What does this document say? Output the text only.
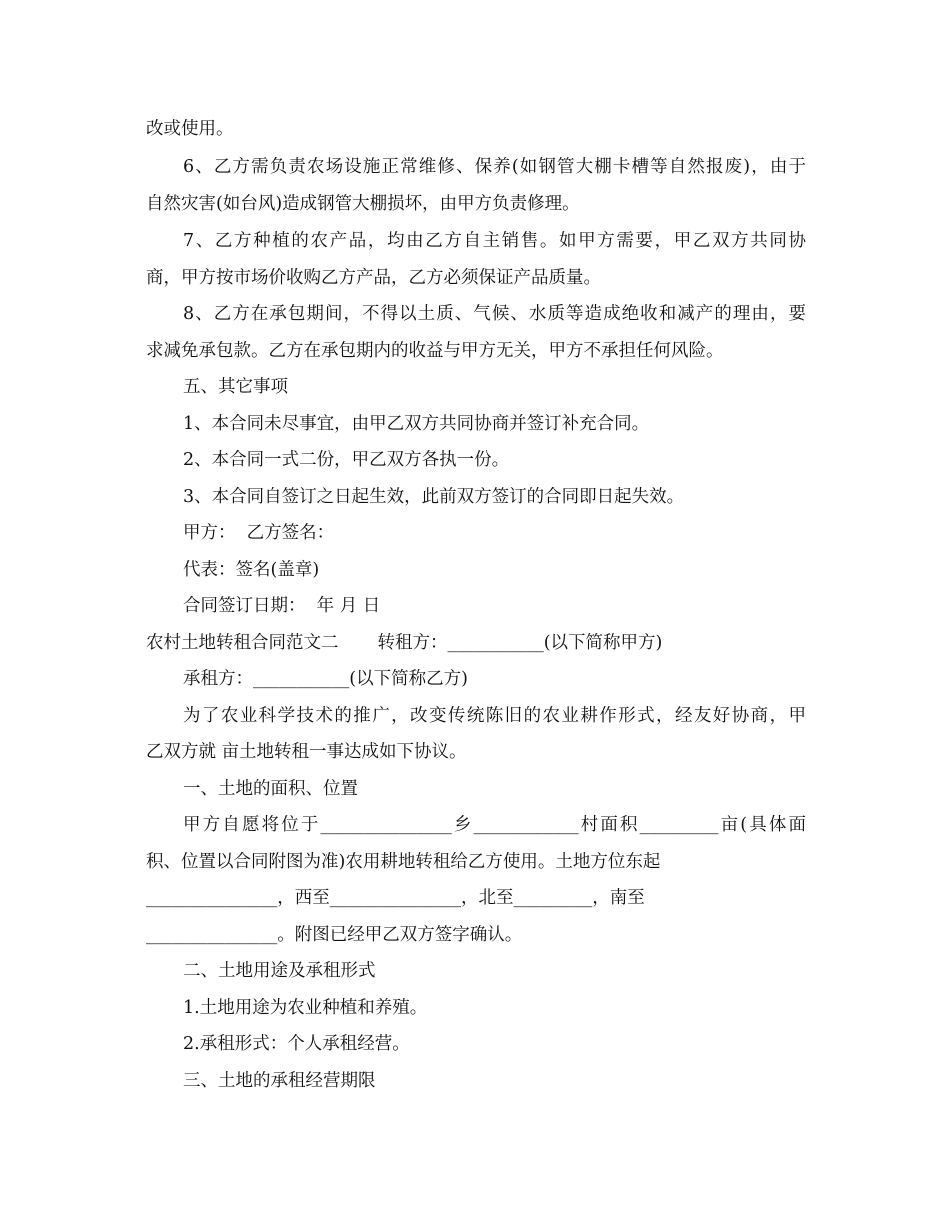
改或使用。
6、乙方需负责农场设施正常维修、保养(如钢管大棚卡槽等自然报废)，由于
自然灾害(如台风)造成钢管大棚损坏，由甲方负责修理。
7、乙方种植的农产品，均由乙方自主销售。如甲方需要，甲乙双方共同协
商，甲方按市场价收购乙方产品，乙方必须保证产品质量。
8、乙方在承包期间，不得以土质、气候、水质等造成绝收和减产的理由，要
求减免承包款。乙方在承包期内的收益与甲方无关，甲方不承担任何风险。
五、其它事项
1、本合同未尽事宜，由甲乙双方共同协商并签订补充合同。
2、本合同一式二份，甲乙双方各执一份。
3、本合同自签订之日起生效，此前双方签订的合同即日起失效。
甲方：  乙方签名：
代表：签名(盖章)
合同签订日期：  年 月 日
农村土地转租合同范文二       转租方：___________(以下简称甲方)
承租方：___________(以下简称乙方)
为了农业科学技术的推广，改变传统陈旧的农业耕作形式，经友好协商，甲
乙双方就 亩土地转租一事达成如下协议。
一、土地的面积、位置
甲方自愿将位于_______________乡____________村面积_________亩(具体面
积、位置以合同附图为准)农用耕地转租给乙方使用。土地方位东起
_______________，西至_______________，北至_________，南至
_______________。附图已经甲乙双方签字确认。
二、土地用途及承租形式
1.土地用途为农业种植和养殖。
2.承租形式：个人承租经营。
三、土地的承租经营期限
